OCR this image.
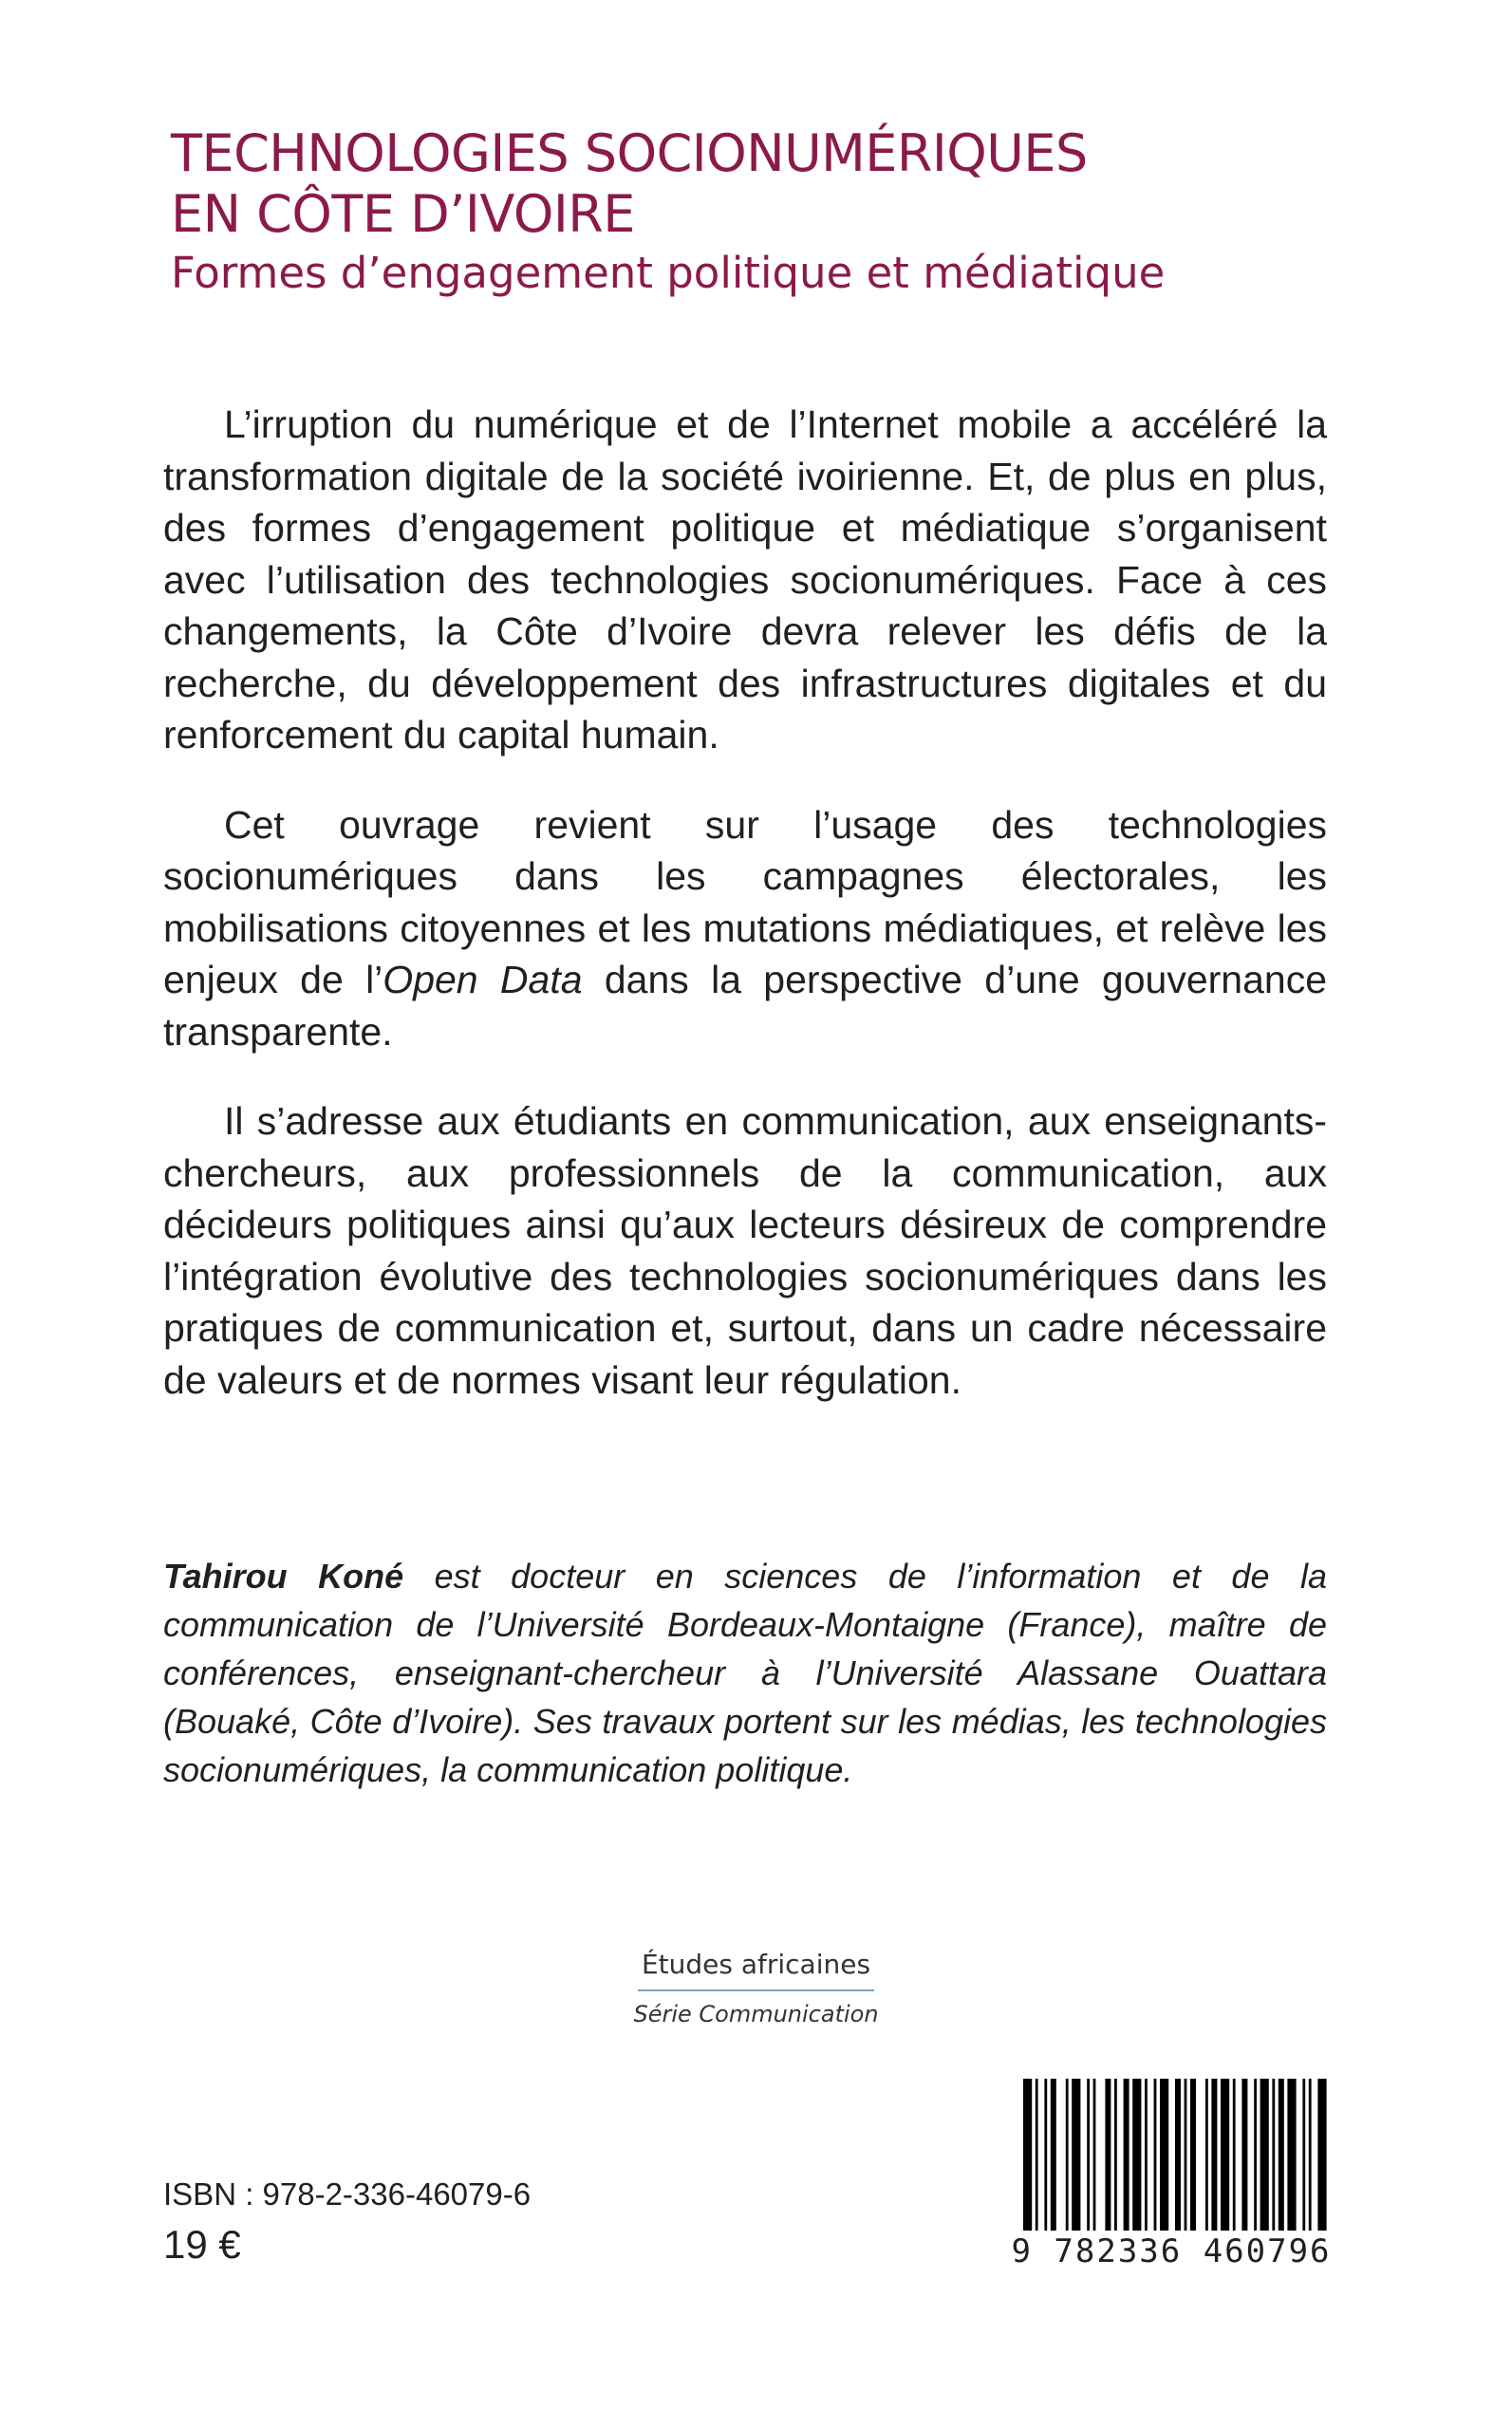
TECHNOLOGIES SOCIONUMÉRIQUES

EN CÔTE D’IVOIRE

Formes d’engagement politique et médiatique

L’irruption du numérique et de l’Internet mobile a accéléré la transformation digitale de la société ivoirienne. Et, de plus en plus, des formes d’engagement politique et médiatique s’organisent avec l’utilisation des technologies socionumériques. Face à ces changements, la Côte d’Ivoire devra relever les défis de la recherche, du développement des infrastructures digitales et du renforcement du capital humain.

Cet ouvrage revient sur l’usage des technologies socionumériques dans les campagnes électorales, les mobilisations citoyennes et les mutations médiatiques, et relève les enjeux de l’Open Data dans la perspective d’une gouvernance transparente.

Il s’adresse aux étudiants en communication, aux enseignants-chercheurs, aux professionnels de la communication, aux décideurs politiques ainsi qu’aux lecteurs désireux de comprendre l’intégration évolutive des technologies socionumériques dans les pratiques de communication et, surtout, dans un cadre nécessaire de valeurs et de normes visant leur régulation.

Tahirou Koné est docteur en sciences de l’information et de la communication de l’Université Bordeaux-Montaigne (France), maître de conférences, enseignant-chercheur à l’Université Alassane Ouattara (Bouaké, Côte d’Ivoire). Ses travaux portent sur les médias, les technologies socionumériques, la communication politique.

Études africaines
Série Communication
ISBN : 978-2-336-46079-6
19 €	9 782336 460796
